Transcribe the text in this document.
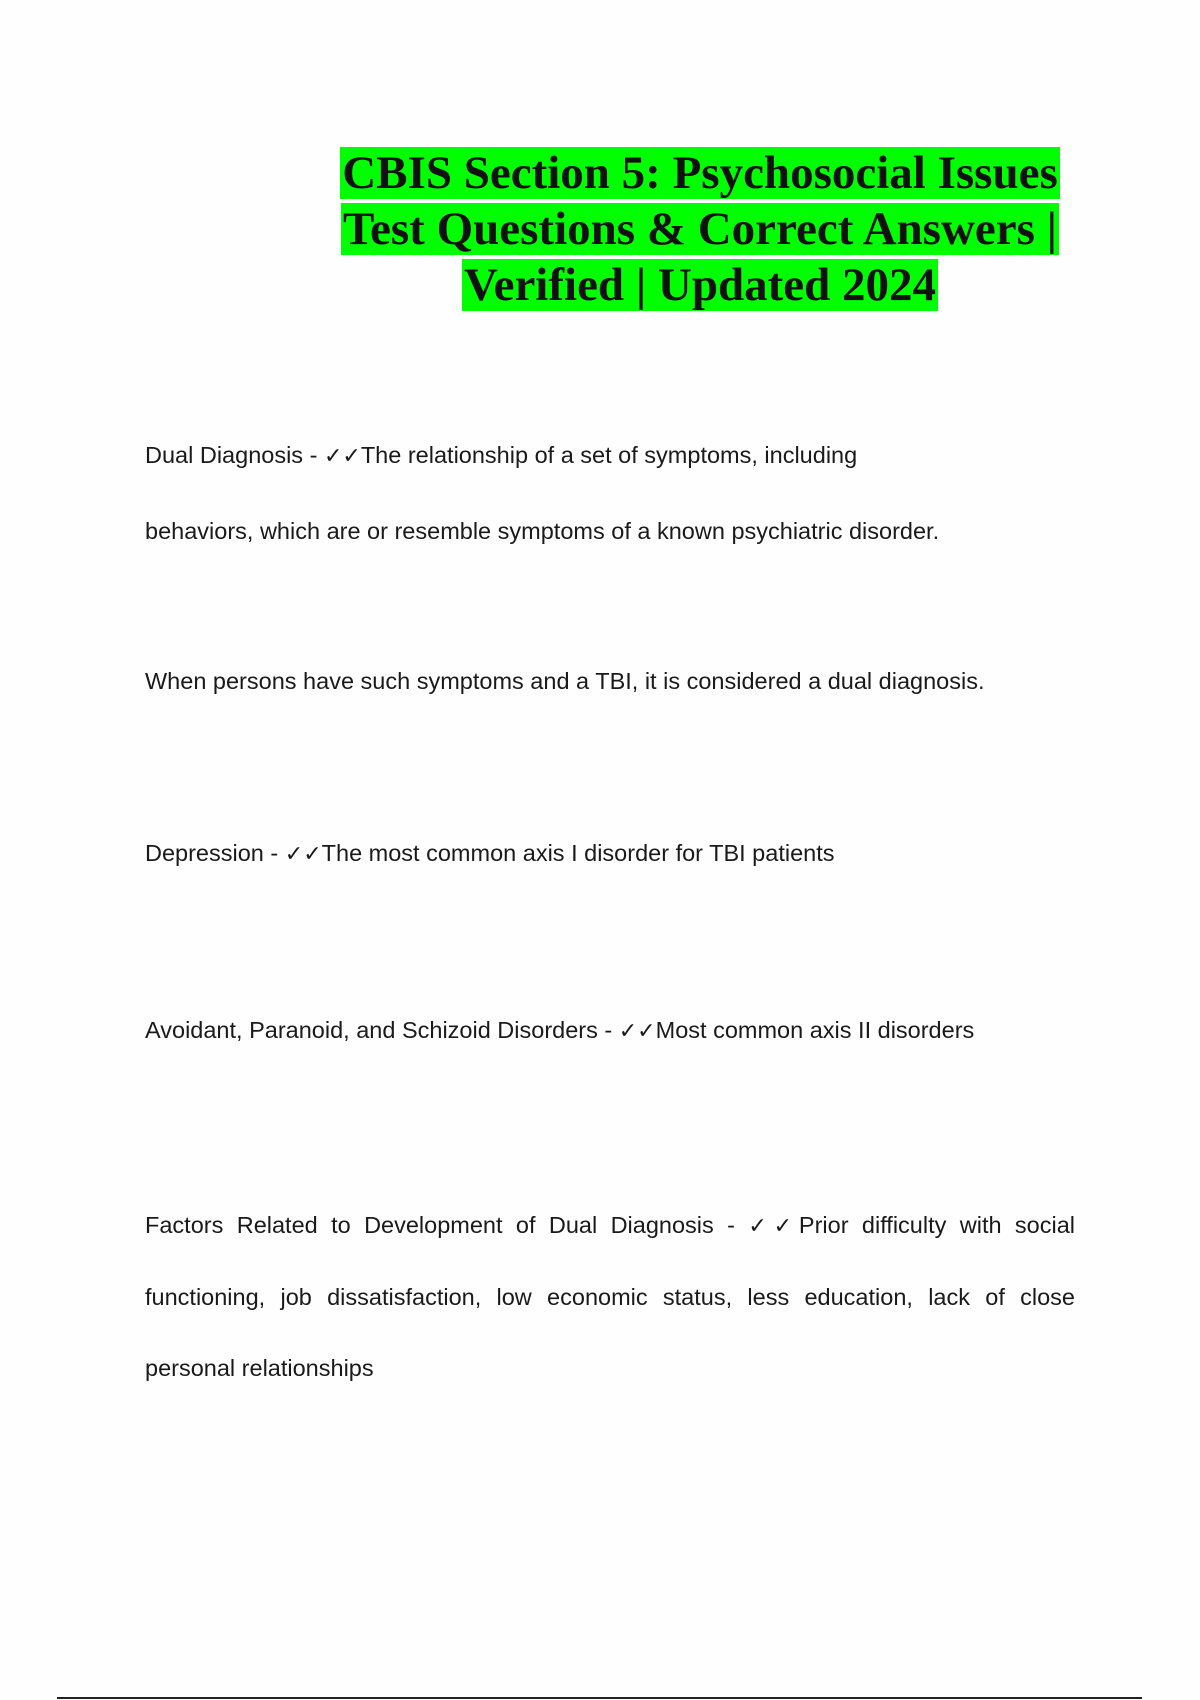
CBIS Section 5: Psychosocial Issues
Test Questions & Correct Answers |
Verified | Updated 2024
Dual Diagnosis - ✓✓The relationship of a set of symptoms, including behaviors, which are or resemble symptoms of a known psychiatric disorder.
When persons have such symptoms and a TBI, it is considered a dual diagnosis.
Depression - ✓✓The most common axis I disorder for TBI patients
Avoidant, Paranoid, and Schizoid Disorders - ✓✓Most common axis II disorders
Factors Related to Development of Dual Diagnosis - ✓✓Prior difficulty with social functioning, job dissatisfaction, low economic status, less education, lack of close personal relationships
